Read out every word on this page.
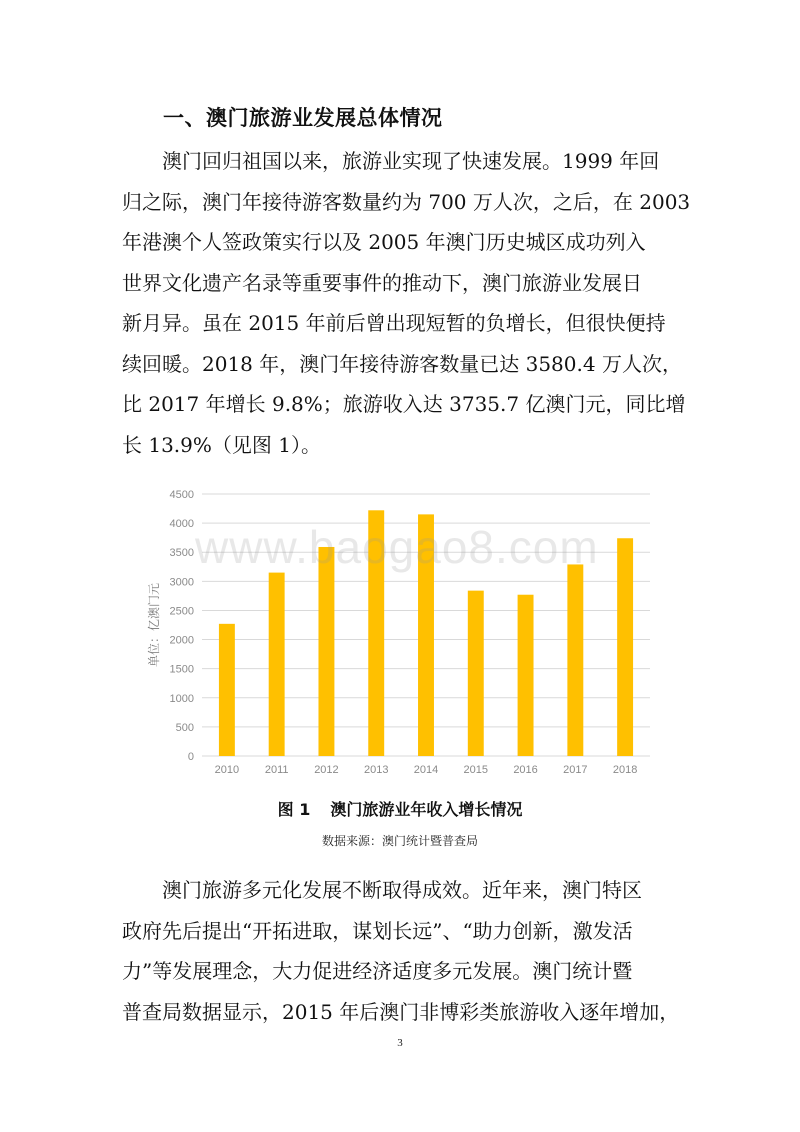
一、澳门旅游业发展总体情况
澳门回归祖国以来，旅游业实现了快速发展。1999 年回
归之际，澳门年接待游客数量约为 700 万人次，之后，在 2003
年港澳个人签政策实行以及 2005 年澳门历史城区成功列入
世界文化遗产名录等重要事件的推动下，澳门旅游业发展日
新月异。虽在 2015 年前后曾出现短暂的负增长，但很快便持
续回暖。2018 年，澳门年接待游客数量已达 3580.4 万人次，
比 2017 年增长 9.8%；旅游收入达 3735.7 亿澳门元，同比增
长 13.9%（见图 1）。
0
500
1000
1500
2000
2500
3000
3500
4000
4500
2010 2011 2012 2013 2014 2015 2016 2017 2018
单位：亿澳门元
www.baogao8.com
图 1 澳门旅游业年收入增长情况
数据来源：澳门统计暨普查局
澳门旅游多元化发展不断取得成效。近年来，澳门特区
政府先后提出“开拓进取，谋划长远”、“助力创新，激发活
力”等发展理念，大力促进经济适度多元发展。澳门统计暨
普查局数据显示，2015 年后澳门非博彩类旅游收入逐年增加，
3
